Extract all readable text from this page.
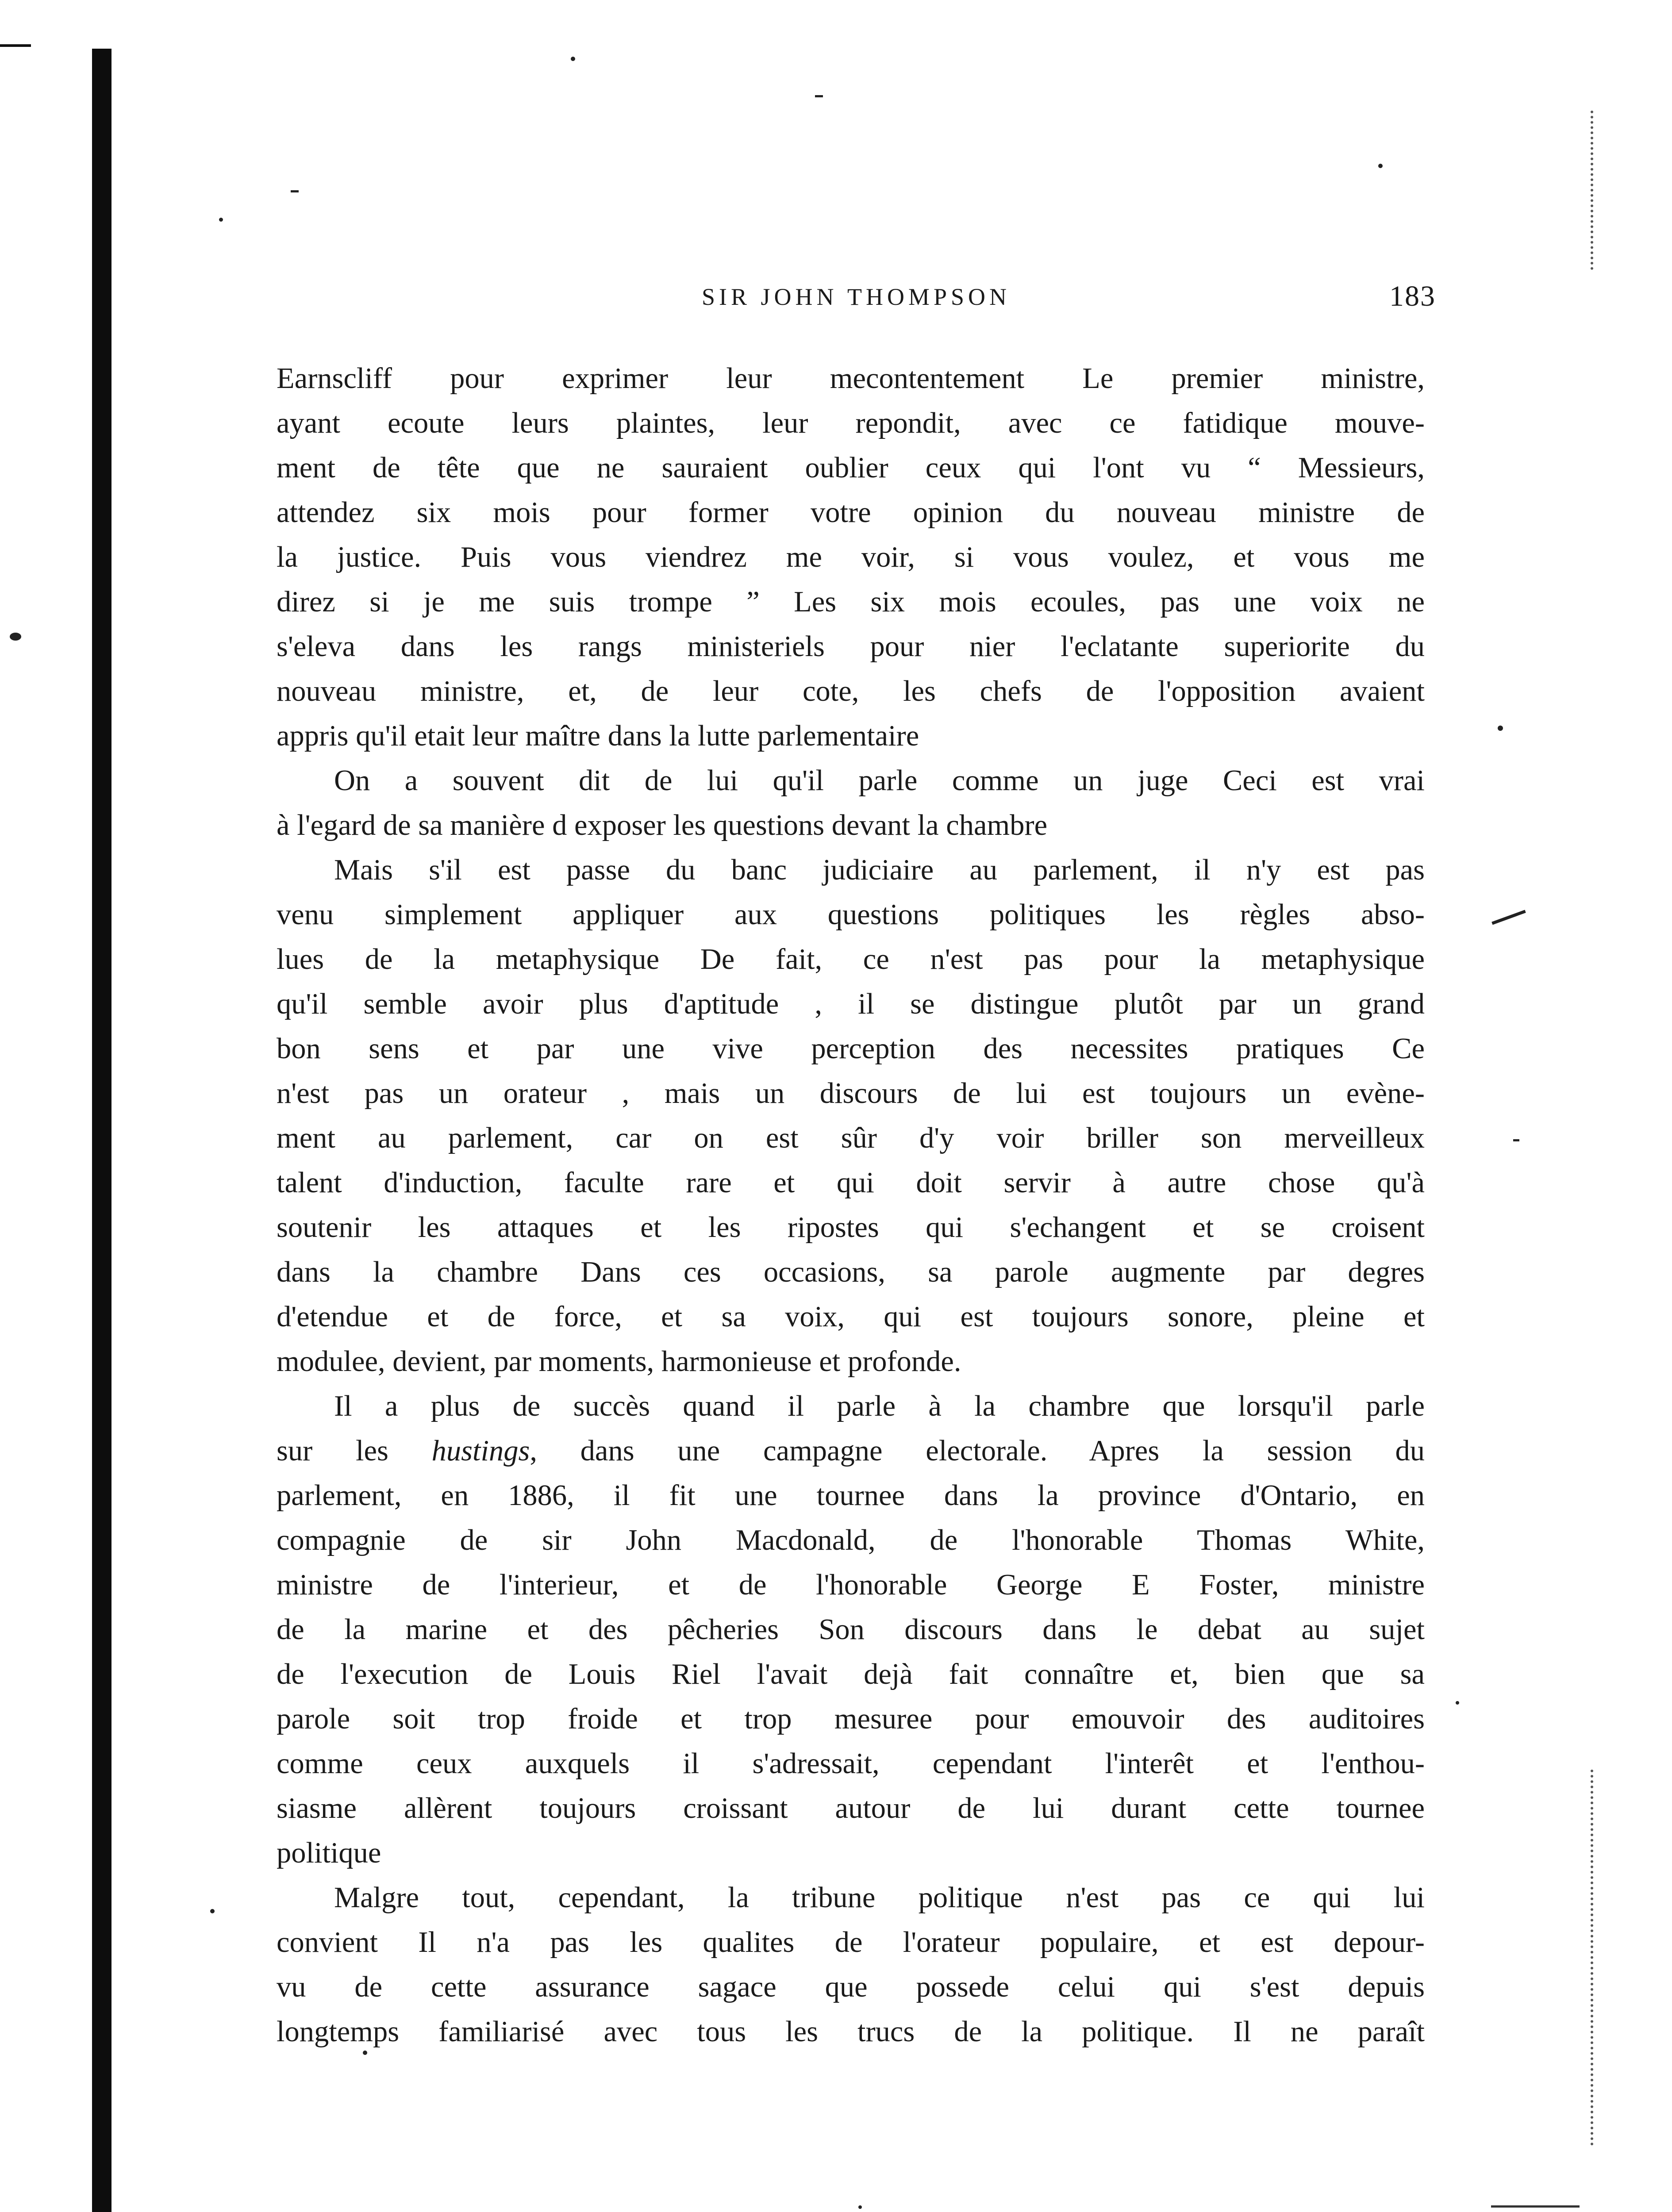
SIR JOHN THOMPSON	183

Earnscliff pour exprimer leur mecontentement Le premier ministre,
ayant ecoute leurs plaintes, leur repondit, avec ce fatidique mouve-
ment de tête que ne sauraient oublier ceux qui l'ont vu “ Messieurs,
attendez six mois pour former votre opinion du nouveau ministre de
la justice. Puis vous viendrez me voir, si vous voulez, et vous me
direz si je me suis trompe ” Les six mois ecoules, pas une voix ne
s'eleva dans les rangs ministeriels pour nier l'eclatante superiorite du
nouveau ministre, et, de leur cote, les chefs de l'opposition avaient
appris qu'il etait leur maître dans la lutte parlementaire

On a souvent dit de lui qu'il parle comme un juge Ceci est vrai
à l'egard de sa manière d exposer les questions devant la chambre

Mais s'il est passe du banc judiciaire au parlement, il n'y est pas
venu simplement appliquer aux questions politiques les règles abso-
lues de la metaphysique De fait, ce n'est pas pour la metaphysique
qu'il semble avoir plus d'aptitude , il se distingue plutôt par un grand
bon sens et par une vive perception des necessites pratiques Ce
n'est pas un orateur , mais un discours de lui est toujours un evène-
ment au parlement, car on est sûr d'y voir briller son merveilleux
talent d'induction, faculte rare et qui doit servir à autre chose qu'à
soutenir les attaques et les ripostes qui s'echangent et se croisent
dans la chambre Dans ces occasions, sa parole augmente par degres
d'etendue et de force, et sa voix, qui est toujours sonore, pleine et
modulee, devient, par moments, harmonieuse et profonde.

Il a plus de succès quand il parle à la chambre que lorsqu'il parle
sur les hustings, dans une campagne electorale. Apres la session du
parlement, en 1886, il fit une tournee dans la province d'Ontario, en
compagnie de sir John Macdonald, de l'honorable Thomas White,
ministre de l'interieur, et de l'honorable George E Foster, ministre
de la marine et des pêcheries Son discours dans le debat au sujet
de l'execution de Louis Riel l'avait dejà fait connaître et, bien que sa
parole soit trop froide et trop mesuree pour emouvoir des auditoires
comme ceux auxquels il s'adressait, cependant l'interêt et l'enthou-
siasme allèrent toujours croissant autour de lui durant cette tournee
politique

Malgre tout, cependant, la tribune politique n'est pas ce qui lui
convient Il n'a pas les qualites de l'orateur populaire, et est depour-
vu de cette assurance sagace que possede celui qui s'est depuis
longtemps familiarisé avec tous les trucs de la politique. Il ne paraît
